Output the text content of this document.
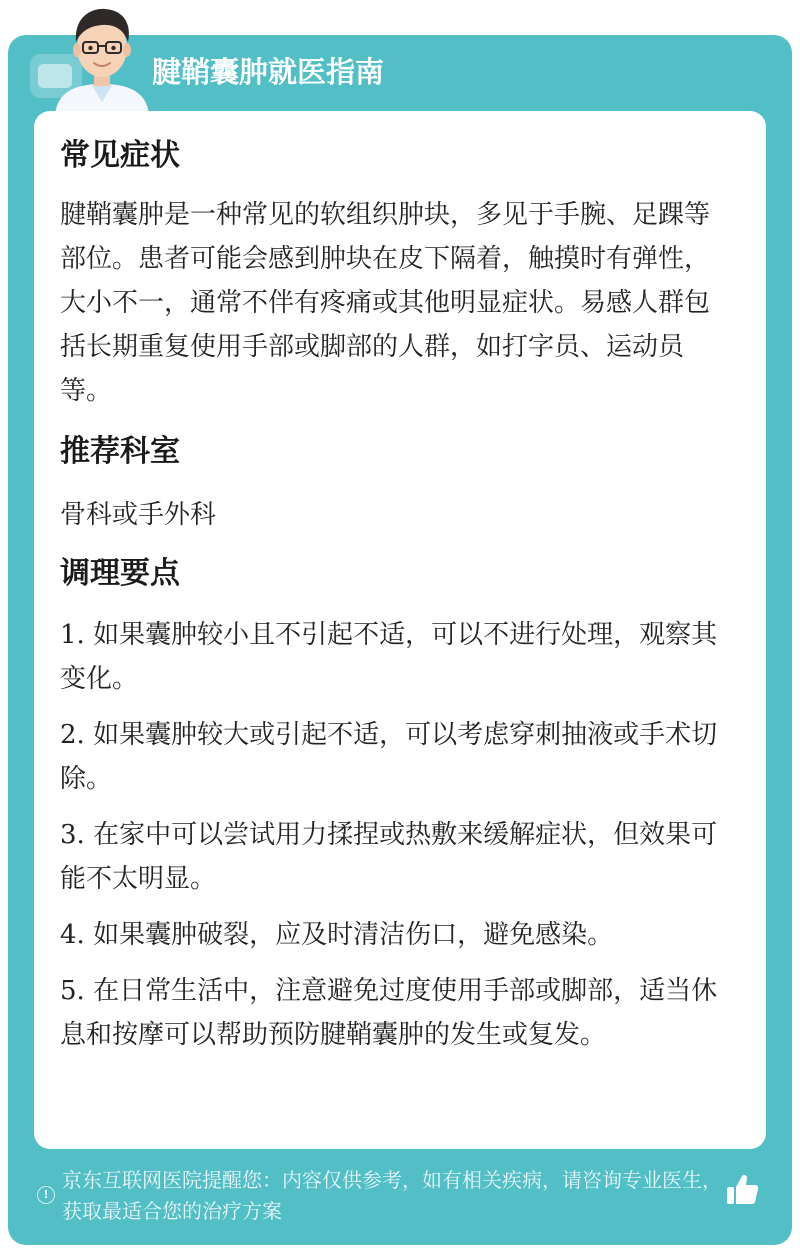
腱鞘囊肿就医指南
常见症状
腱鞘囊肿是一种常见的软组织肿块，多见于手腕、足踝等部位。患者可能会感到肿块在皮下隔着，触摸时有弹性，大小不一，通常不伴有疼痛或其他明显症状。易感人群包括长期重复使用手部或脚部的人群，如打字员、运动员等。
推荐科室
骨科或手外科
调理要点
1. 如果囊肿较小且不引起不适，可以不进行处理，观察其变化。
2. 如果囊肿较大或引起不适，可以考虑穿刺抽液或手术切除。
3. 在家中可以尝试用力揉捏或热敷来缓解症状，但效果可能不太明显。
4. 如果囊肿破裂，应及时清洁伤口，避免感染。
5. 在日常生活中，注意避免过度使用手部或脚部，适当休息和按摩可以帮助预防腱鞘囊肿的发生或复发。
!
京东互联网医院提醒您：内容仅供参考，如有相关疾病，请咨询专业医生，获取最适合您的治疗方案
